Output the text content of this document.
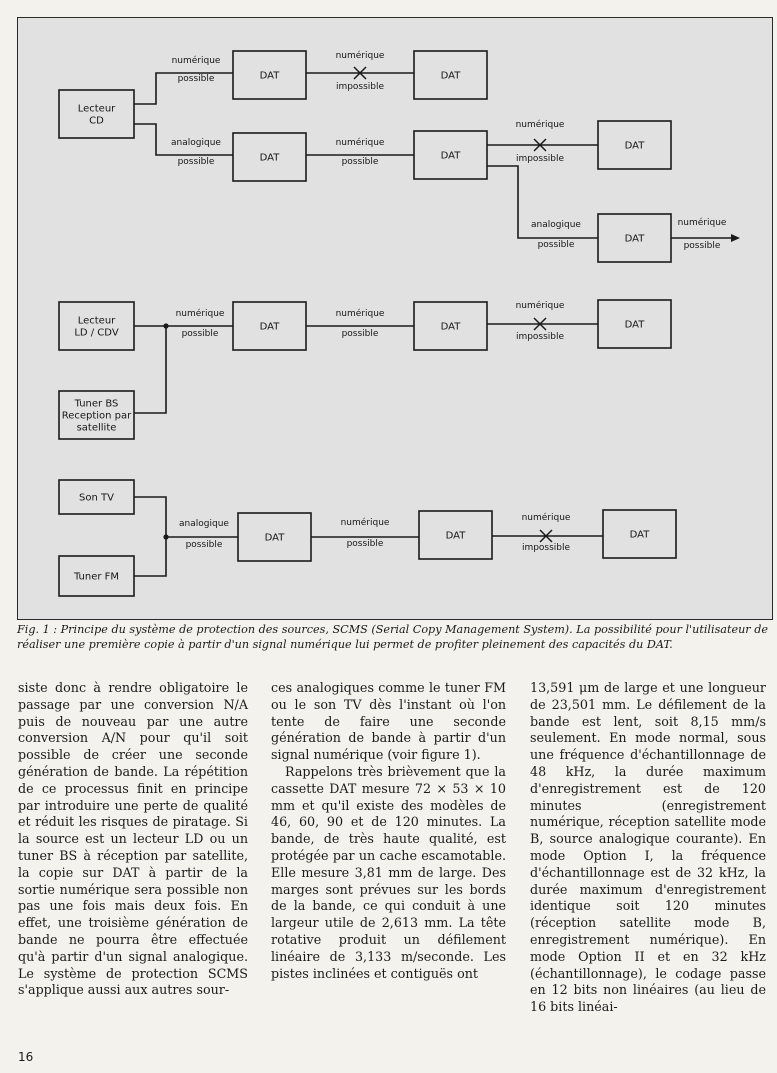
Lecteur
CD
numérique
possible	DAT
numérique
impossible
DAT
analogique
possible	DAT
numérique
possible
DAT
numérique
impossible
DAT
analogique
possible
DAT
numérique
possible
Lecteur
LD / CDV
Tuner BS
Reception par
satellite
numérique
possible
DAT
numérique
possible
DAT
numérique
impossible
DAT
Son TV
Tuner FM
analogique
possible
DAT
numérique
possible
DAT
numérique
impossible
DAT
Fig. 1 : Principe du système de protection des sources, SCMS (Serial Copy Management System). La possibilité pour l'utilisateur de réaliser une première copie à partir d'un signal numérique lui permet de profiter pleinement des capacités du DAT.

siste donc à rendre obligatoire le passage par une conversion N/A puis de nouveau par une autre conversion A/N pour qu'il soit possible de créer une seconde génération de bande. La répétition de ce processus finit en principe par introduire une perte de qualité et réduit les risques de piratage. Si la source est un lecteur LD ou un tuner BS à réception par satellite, la copie sur DAT à partir de la sortie numérique sera possible non pas une fois mais deux fois. En effet, une troisième génération de bande ne pourra être effectuée qu'à partir d'un signal analogique. Le système de protection SCMS s'applique aussi aux autres sour-

ces analogiques comme le tuner FM ou le son TV dès l'instant où l'on tente de faire une seconde génération de bande à partir d'un signal numérique (voir figure 1).

Rappelons très brièvement que la cassette DAT mesure 72 × 53 × 10 mm et qu'il existe des modèles de 46, 60, 90 et de 120 minutes. La bande, de très haute qualité, est protégée par un cache escamotable. Elle mesure 3,81 mm de large. Des marges sont prévues sur les bords de la bande, ce qui conduit à une largeur utile de 2,613 mm. La tête rotative produit un défilement linéaire de 3,133 m/seconde. Les pistes inclinées et contiguës ont

13,591 μm de large et une longueur de 23,501 mm. Le défilement de la bande est lent, soit 8,15 mm/s seulement. En mode normal, sous une fréquence d'échantillonnage de 48 kHz, la durée maximum d'enregistrement est de 120 minutes (enregistrement numérique, réception satellite mode B, source analogique courante). En mode Option I, la fréquence d'échantillonnage est de 32 kHz, la durée maximum d'enregistrement identique soit 120 minutes (réception satellite mode B, enregistrement numérique). En mode Option II et en 32 kHz (échantillonnage), le codage passe en 12 bits non linéaires (au lieu de 16 bits linéai-

16
